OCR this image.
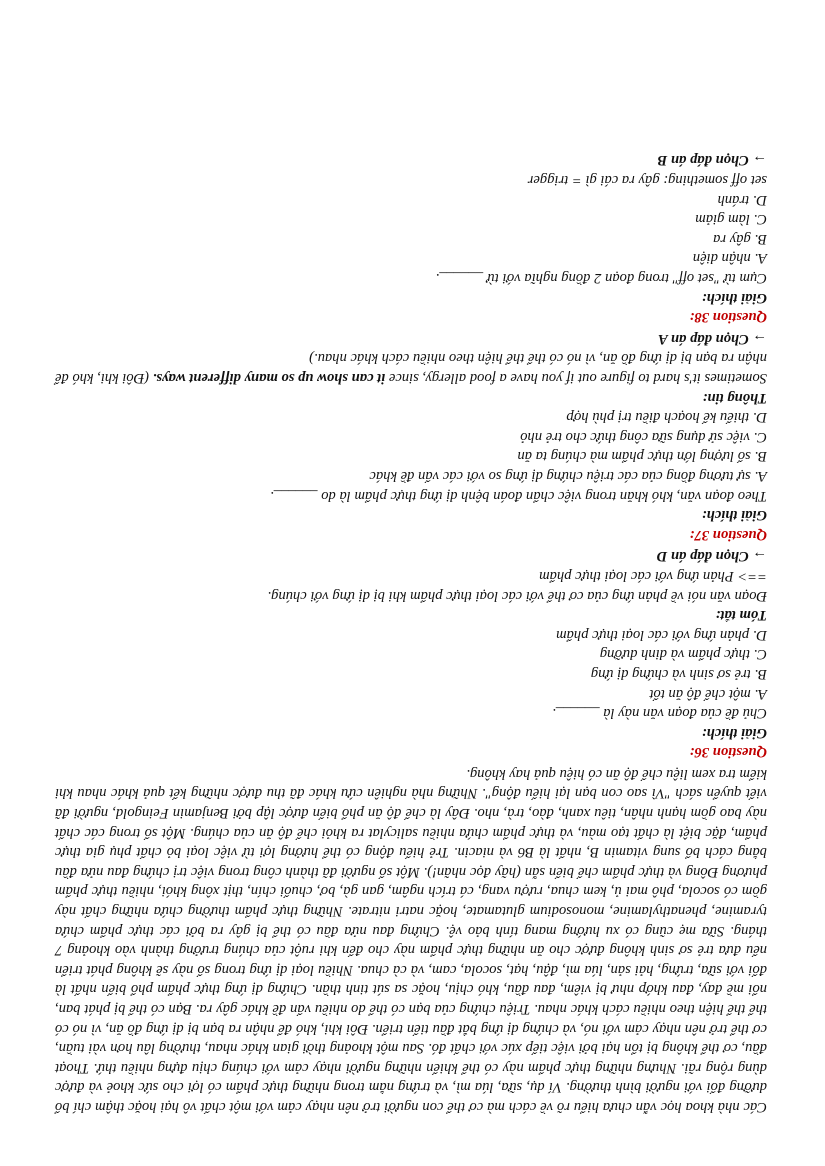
Các nhà khoa học vẫn chưa hiểu rõ về cách mà cơ thể con người trở nên nhạy cảm với một chất vô hại hoặc thậm chí bổ dưỡng đối với người bình thường. Ví dụ, sữa, lúa mì, và trứng nằm trong những thực phẩm có lợi cho sức khoẻ và được dùng rộng rãi. Nhưng những thực phẩm này có thể khiến những người nhạy cảm với chúng chịu đựng nhiều thứ. Thoạt đầu, cơ thể không bị tổn hại bởi việc tiếp xúc với chất đó. Sau một khoảng thời gian khác nhau, thường lâu hơn vài tuần, cơ thể trở nên nhạy cảm với nó, và chứng dị ứng bắt đầu tiến triển. Đôi khi, khó để nhận ra bạn bị dị ứng đồ ăn, vì nó có thể thể hiện theo nhiều cách khác nhau. Triệu chứng của bạn có thể do nhiều vấn đề khác gây ra. Bạn có thể bị phát ban, nổi mề đay, đau khớp như bị viêm, đau đầu, khó chịu, hoặc sa sút tinh thần. Chứng dị ứng thực phẩm phổ biến nhất là đối với sữa, trứng, hải sản, lúa mì, đậu, hạt, socola, cam, và cà chua. Nhiều loại dị ứng trong số này sẽ không phát triển nếu đưa trẻ sơ sinh không được cho ăn những thực phẩm này cho đến khi ruột của chúng trưởng thành vào khoảng 7 tháng. Sữa mẹ cũng có xu hướng mang tính bảo vệ. Chứng đau nửa đầu có thể bị gây ra bởi các thực phẩm chứa tyramine, phenathylamine, monosodium glutamate, hoặc natri nitrate. Những thực phẩm thường chứa những chất này gồm có socola, phô mai ủ, kem chua, rượu vang, cá trích ngâm, gan gà, bơ, chuối chín, thịt xông khói, nhiều thực phẩm phương Đông và thực phẩm chế biến sẵn (hãy đọc nhãn!). Một số người đã thành công trong việc trị chứng đau nửa đầu bằng cách bổ sung vitamin B, nhất là B6 và niacin. Trẻ hiếu động có thể hưởng lợi từ việc loại bỏ chất phụ gia thực phẩm, đặc biệt là chất tạo màu, và thực phẩm chứa nhiều salicylat ra khỏi chế độ ăn của chúng. Một số trong các chất này bao gồm hạnh nhân, tiêu xanh, đào, trà, nho. Đây là chế độ ăn phổ biến được lập bởi Benjamin Feingold, người đã viết quyển sách "Vì sao con bạn lại hiếu động". Những nhà nghiên cứu khác đã thu được những kết quả khác nhau khi kiểm tra xem liệu chế độ ăn có hiệu quả hay không.

Question 36:

Giải thích:

Chủ đề của đoạn văn này là ______.

A. một chế độ ăn tốt

B. trẻ sơ sinh và chứng dị ứng

C. thực phẩm và dinh dưỡng

D. phản ứng với các loại thực phẩm

Tóm tắt:

Đoạn văn nói về phản ứng của cơ thể với các loại thực phẩm khi bị dị ứng với chúng.

==> Phản ứng với các loại thực phẩm

→ Chọn đáp án D

Question 37:

Giải thích:

Theo đoạn văn, khó khăn trong việc chẩn đoán bệnh dị ứng thực phẩm là do ______.

A. sự tương đồng của các triệu chứng dị ứng so với các vấn đề khác

B. số lượng lớn thực phẩm mà chúng ta ăn

C. việc sử dụng sữa công thức cho trẻ nhỏ

D. thiếu kế hoạch điều trị phù hợp

Thông tin:

Sometimes it's hard to figure out if you have a food allergy, since it can show up so many different ways. (Đôi khi, khó để nhận ra bạn bị dị ứng đồ ăn, vì nó có thể thể hiện theo nhiều cách khác nhau.)

→ Chọn đáp án A

Question 38:

Giải thích:

Cụm từ "set off" trong đoạn 2 đồng nghĩa với từ ______.

A. nhận diện

B. gây ra

C. làm giảm

D. tránh

set off something: gây ra cái gì = trigger

→ Chọn đáp án B
